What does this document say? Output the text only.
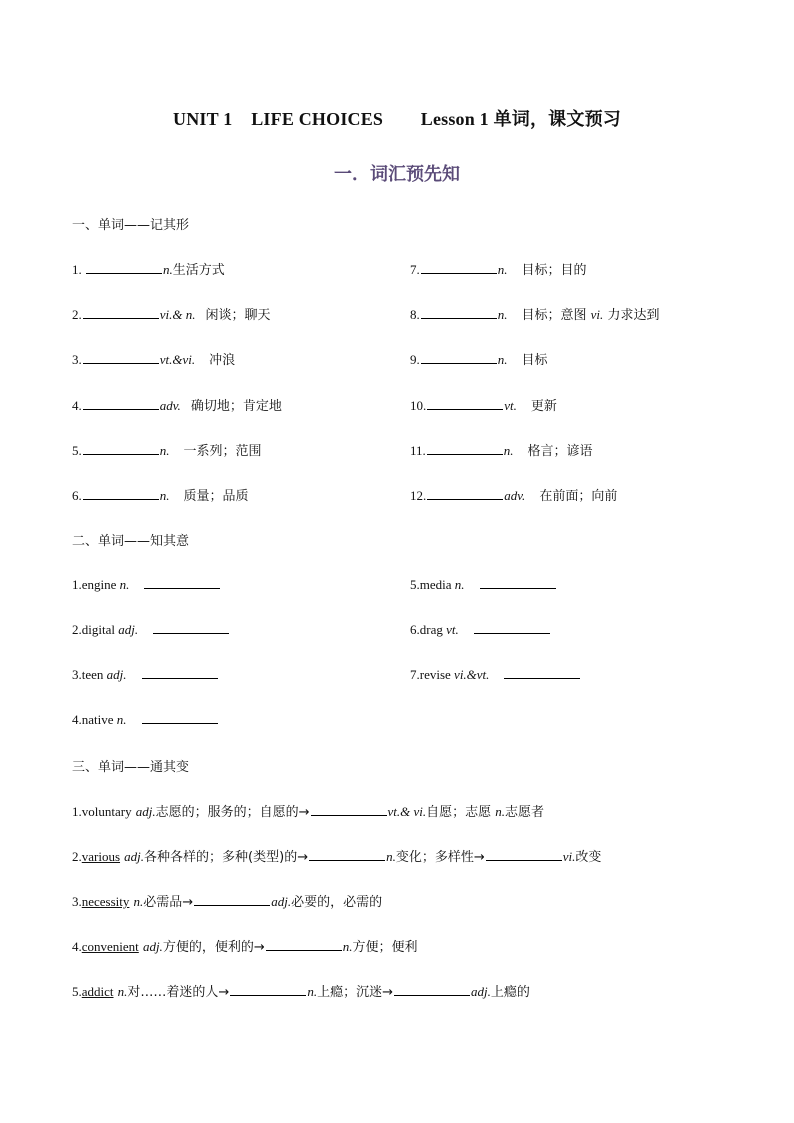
UNIT 1    LIFE CHOICES        Lesson 1 单词，课文预习
一．词汇预先知
一、单词——记其形
1.	n.生活方式
2.	vi.& n. 闲谈；聊天
3.	vt.&vi. 冲浪
4.	adv. 确切地；肯定地
5.	n. 一系列；范围
6.	n. 质量；品质
7.	n. 目标；目的
8.	n. 目标；意图 vi. 力求达到
9.	n. 目标
10.	vt. 更新
11.	n. 格言；谚语
12.	adv. 在前面；向前
二、单词——知其意
1.engine n.
2.digital adj.
3.teen adj.
4.native n.
5.media n.
6.drag vt.
7.revise vi.&vt.
三、单词——通其变
1.voluntary adj.志愿的；服务的；自愿的→	vt.& vi.自愿；志愿 n.志愿者
2.various adj.各种各样的；多种(类型)的→	n.变化；多样性→	vi.改变
3.necessity n.必需品→	adj.必要的，必需的
4.convenient adj.方便的，便利的→	n.方便；便利
5.addict n.对……着迷的人→	n.上瘾；沉迷→	adj.上瘾的
